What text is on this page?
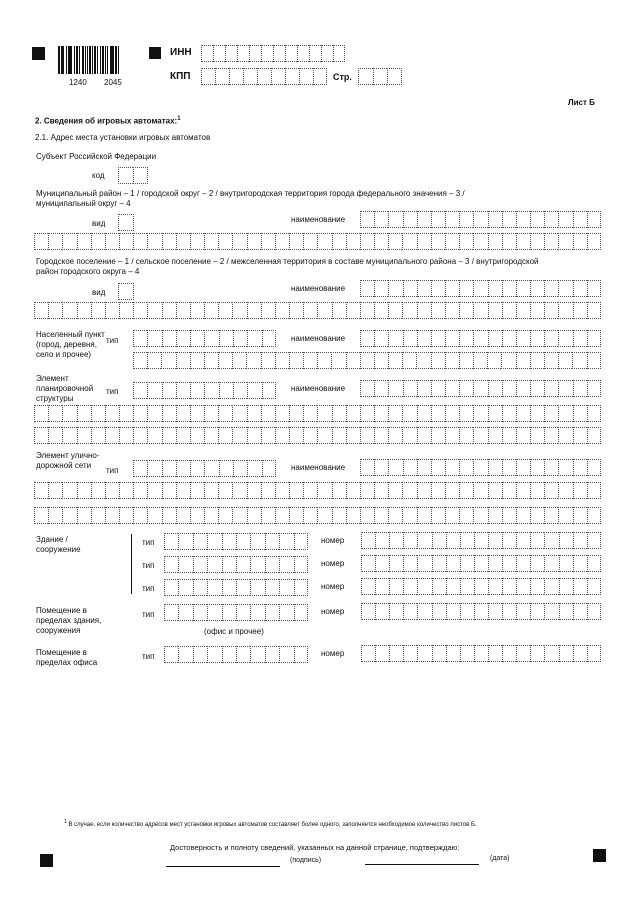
1240 2045
ИНН
КПП	Стр.
Лист Б
2. Сведения об игровых автоматах:$^1$
2.1. Адрес места установки игровых автоматов
Субъект Российской Федерации
код
Муниципальный район – 1 / городской округ – 2 / внутригородская территория города федерального значения – 3 / муниципальный округ – 4
вид	наименование
Городское поселение – 1 / сельское поселение – 2 / межселенная территория в составе муниципального района – 3 / внутригородской район городского округа – 4
вид	наименование
Населенный пункт (город, деревня, село и прочее)
тип	наименование
Элемент планировочной структуры
тип	наименование
Элемент улично-дорожной сети
тип	наименование
Здание / сооружение
тип	номер
тип	номер
тип	номер
Помещение в пределах здания, сооружения
тип	номер
(офис и прочее)
Помещение в пределах офиса
тип	номер
$^1$ В случае, если количество адресов мест установки игровых автоматов составляет более одного, заполняется необходимое количество листов Б.
Достоверность и полноту сведений, указанных на данной странице, подтверждаю:
(подпись)	(дата)
